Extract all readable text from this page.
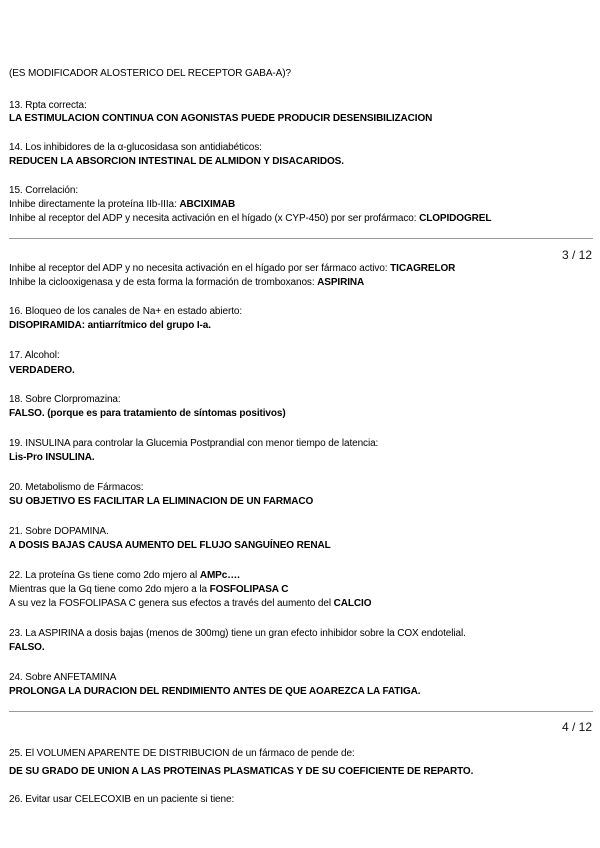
(ES MODIFICADOR ALOSTERICO DEL RECEPTOR GABA-A)?
13. Rpta correcta:
LA ESTIMULACION CONTINUA CON AGONISTAS PUEDE PRODUCIR DESENSIBILIZACION
14. Los inhibidores de la α-glucosidasa son antidiabéticos:
REDUCEN LA ABSORCION INTESTINAL DE ALMIDON Y DISACARIDOS.
15. Correlación:
Inhibe directamente la proteína IIb-IIIa: ABCIXIMAB
Inhibe al receptor del ADP y necesita activación en el hígado (x CYP-450) por ser profármaco: CLOPIDOGREL
Inhibe al receptor del ADP y no necesita activación en el hígado por ser fármaco activo: TICAGRELOR
Inhibe la ciclooxigenasa y de esta forma la formación de tromboxanos: ASPIRINA
16. Bloqueo de los canales de Na+ en estado abierto:
DISOPIRAMIDA: antiarrítmico del grupo I-a.
17. Alcohol:
VERDADERO.
18. Sobre Clorpromazina:
FALSO. (porque es para tratamiento de síntomas positivos)
19. INSULINA para controlar la Glucemia Postprandial con menor tiempo de latencia:
Lis-Pro INSULINA.
20. Metabolismo de Fármacos:
SU OBJETIVO ES FACILITAR LA ELIMINACION DE UN FARMACO
21. Sobre DOPAMINA.
A DOSIS BAJAS CAUSA AUMENTO DEL FLUJO SANGUÍNEO RENAL
22. La proteína Gs tiene como 2do mjero al AMPc….
Mientras que la Gq tiene como 2do mjero a la FOSFOLIPASA C
A su vez la FOSFOLIPASA C genera sus efectos a través del aumento del CALCIO
23. La ASPIRINA a dosis bajas (menos de 300mg) tiene un gran efecto inhibidor sobre la COX endotelial.
FALSO.
24. Sobre ANFETAMINA
PROLONGA LA DURACION DEL RENDIMIENTO ANTES DE QUE AOAREZCA LA FATIGA.
25. El VOLUMEN APARENTE DE DISTRIBUCION de un fármaco de pende de:
DE SU GRADO DE UNION A LAS PROTEINAS PLASMATICAS Y DE SU COEFICIENTE DE REPARTO.
26. Evitar usar CELECOXIB en un paciente si tiene:
3 / 12
4 / 12
